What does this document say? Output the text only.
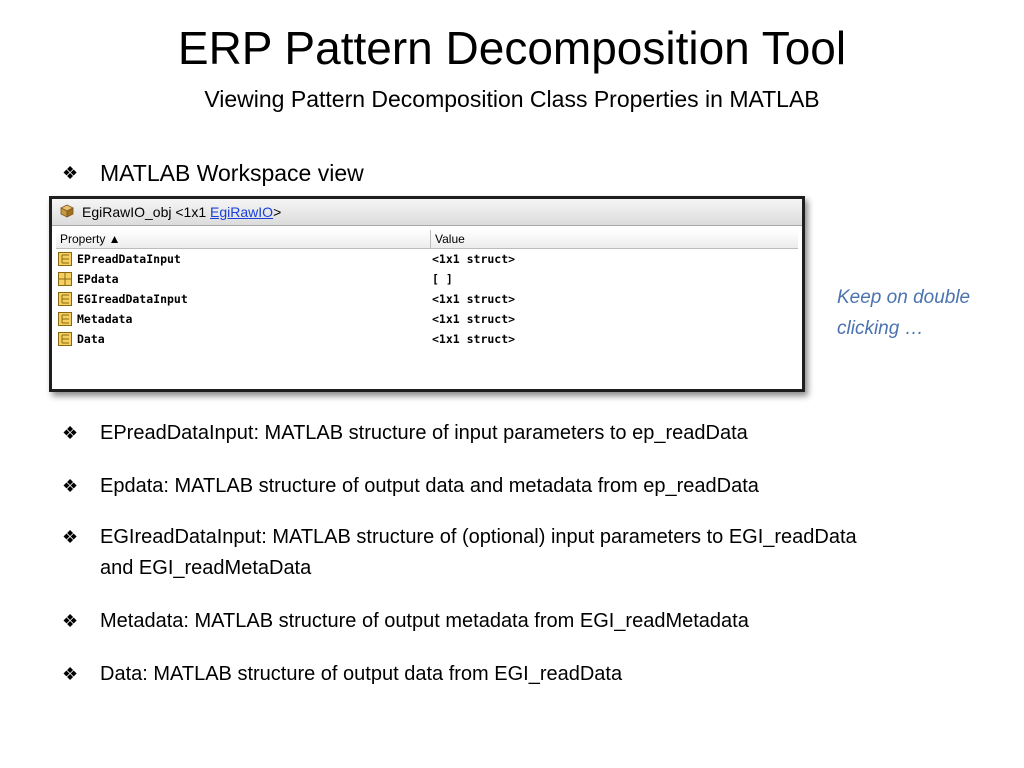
ERP Pattern Decomposition Tool
Viewing Pattern Decomposition Class Properties in MATLAB
❖ MATLAB Workspace view
EgiRawIO_obj <1x1 EgiRawIO>
Property ▲	Value
EPreadDataInput	<1x1 struct>
EPdata	[ ]
EGIreadDataInput	<1x1 struct>
Metadata	<1x1 struct>
Data	<1x1 struct>
Keep on double clicking …
❖	EPreadDataInput: MATLAB structure of input parameters to ep_readData
❖	Epdata: MATLAB structure of output data and metadata from ep_readData
❖	EGIreadDataInput: MATLAB structure of (optional) input parameters to EGI_readData and EGI_readMetaData
❖	Metadata: MATLAB structure of output metadata from EGI_readMetadata
❖	Data: MATLAB structure of output data from EGI_readData
